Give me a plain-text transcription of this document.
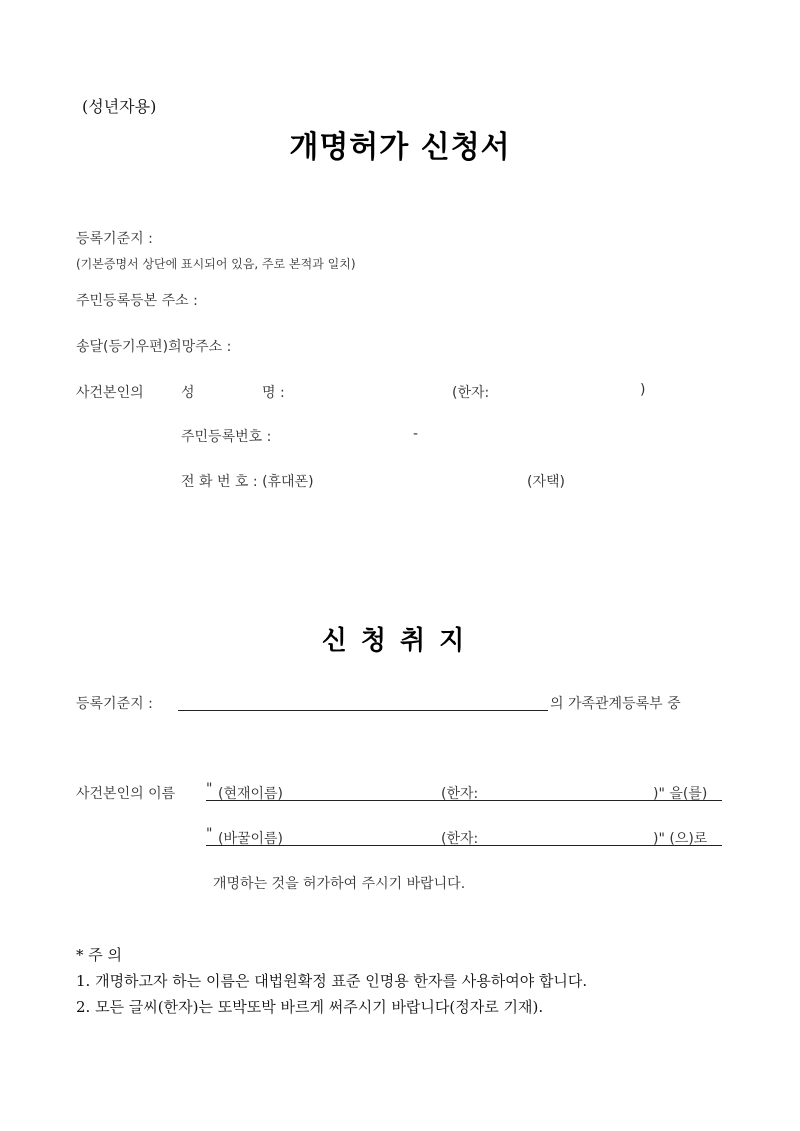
(성년자용)
개명허가 신청서
등록기준지 :
(기본증명서 상단에 표시되어 있음, 주로 본적과 일치)
주민등록등본 주소 :
송달(등기우편)희망주소 :
사건본인의	성	명 :	(한자:	)
주민등록번호 :	-
전 화 번 호 : (휴대폰)	(자택)
신청취지
등록기준지 :	의 가족관계등록부 중
사건본인의 이름 " (현재이름)	(한자:	)" 을(를)
" (바꿀이름)	(한자:	)" (으)로
개명하는 것을 허가하여 주시기 바랍니다.
* 주 의
1. 개명하고자 하는 이름은 대법원확정 표준 인명용 한자를 사용하여야 합니다.
2. 모든 글씨(한자)는 또박또박 바르게 써주시기 바랍니다(정자로 기재).
